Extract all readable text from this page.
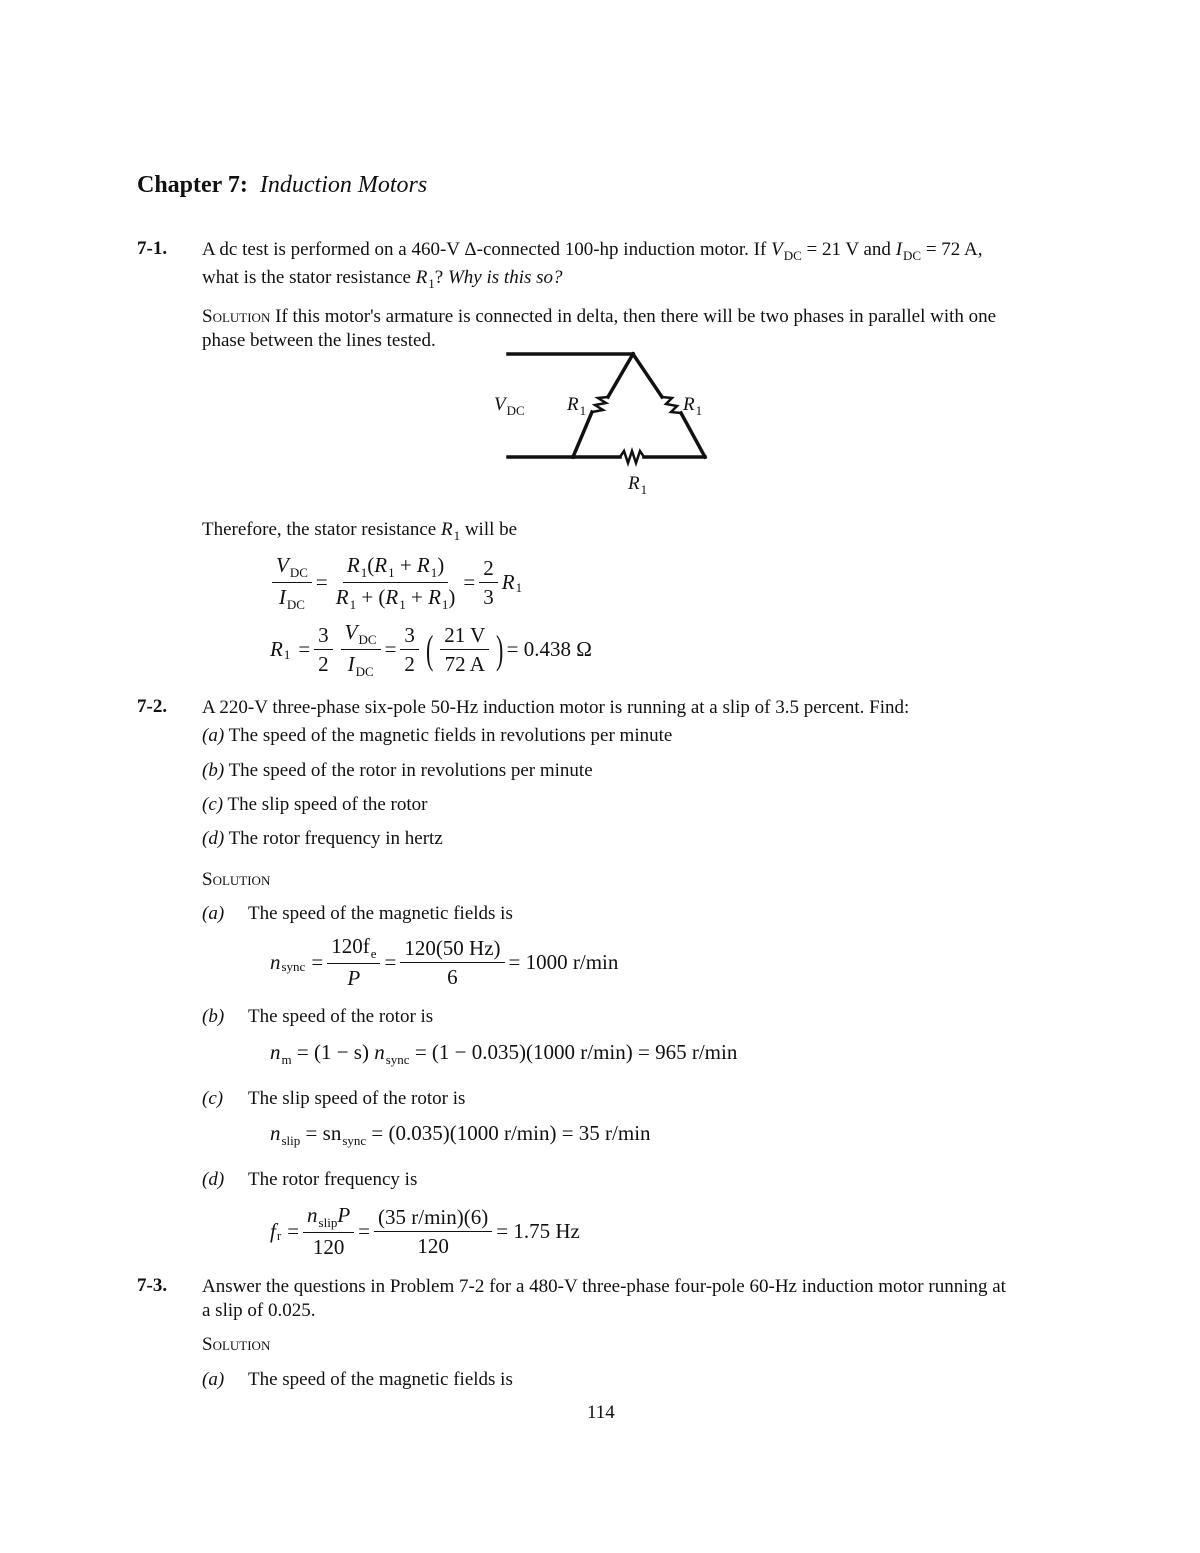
Chapter 7: Induction Motors
7-1. A dc test is performed on a 460-V Δ-connected 100-hp induction motor. If $V_{DC} = 21$ V and $I_{DC} = 72$ A,
what is the stator resistance $R_1$? Why is this so?
Solution If this motor's armature is connected in delta, then there will be two phases in parallel with one
phase between the lines tested.
$V_{DC}$ $R_1$	$R_1$
$R_1$
Therefore, the stator resistance $R_1$ will be
$\frac{V_{DC}}{I_{DC}} = \frac{R_1(R_1 + R_1)}{R_1 + (R_1 + R_1)} = \frac{2}{3}$ R 1
R $1 = \frac{3}{2} \frac{V_{DC}}{I_{DC}} = \frac{3}{2}$ ( $\frac{21 V}{72 A}$ ) = 0.438 Ω
7-2. A 220-V three-phase six-pole 50-Hz induction motor is running at a slip of 3.5 percent. Find:
(a) The speed of the magnetic fields in revolutions per minute
(b) The speed of the rotor in revolutions per minute
(c) The slip speed of the rotor
(d) The rotor frequency in hertz
Solution
(a) The speed of the magnetic fields is
n sync = $\frac{120f_e}{P} = \frac{120(50 Hz)}{6} = 1000$ r/min
(b) The speed of the rotor is
$n_m = (1 - s) n_{sync} = (1 - 0.035)(1000$ r/min) = 965 r/min
(c) The slip speed of the rotor is
$n_{slip} = sn_{sync} = (0.035)(1000$ r/min) = 35 r/min
(d) The rotor frequency is
f $r = \frac{n_{slip}P}{120} = \frac{(35 r/\min)(6)}{120} = 1.75$ Hz
7-3. Answer the questions in Problem 7-2 for a 480-V three-phase four-pole 60-Hz induction motor running at
a slip of 0.025.
Solution
(a) The speed of the magnetic fields is
114
